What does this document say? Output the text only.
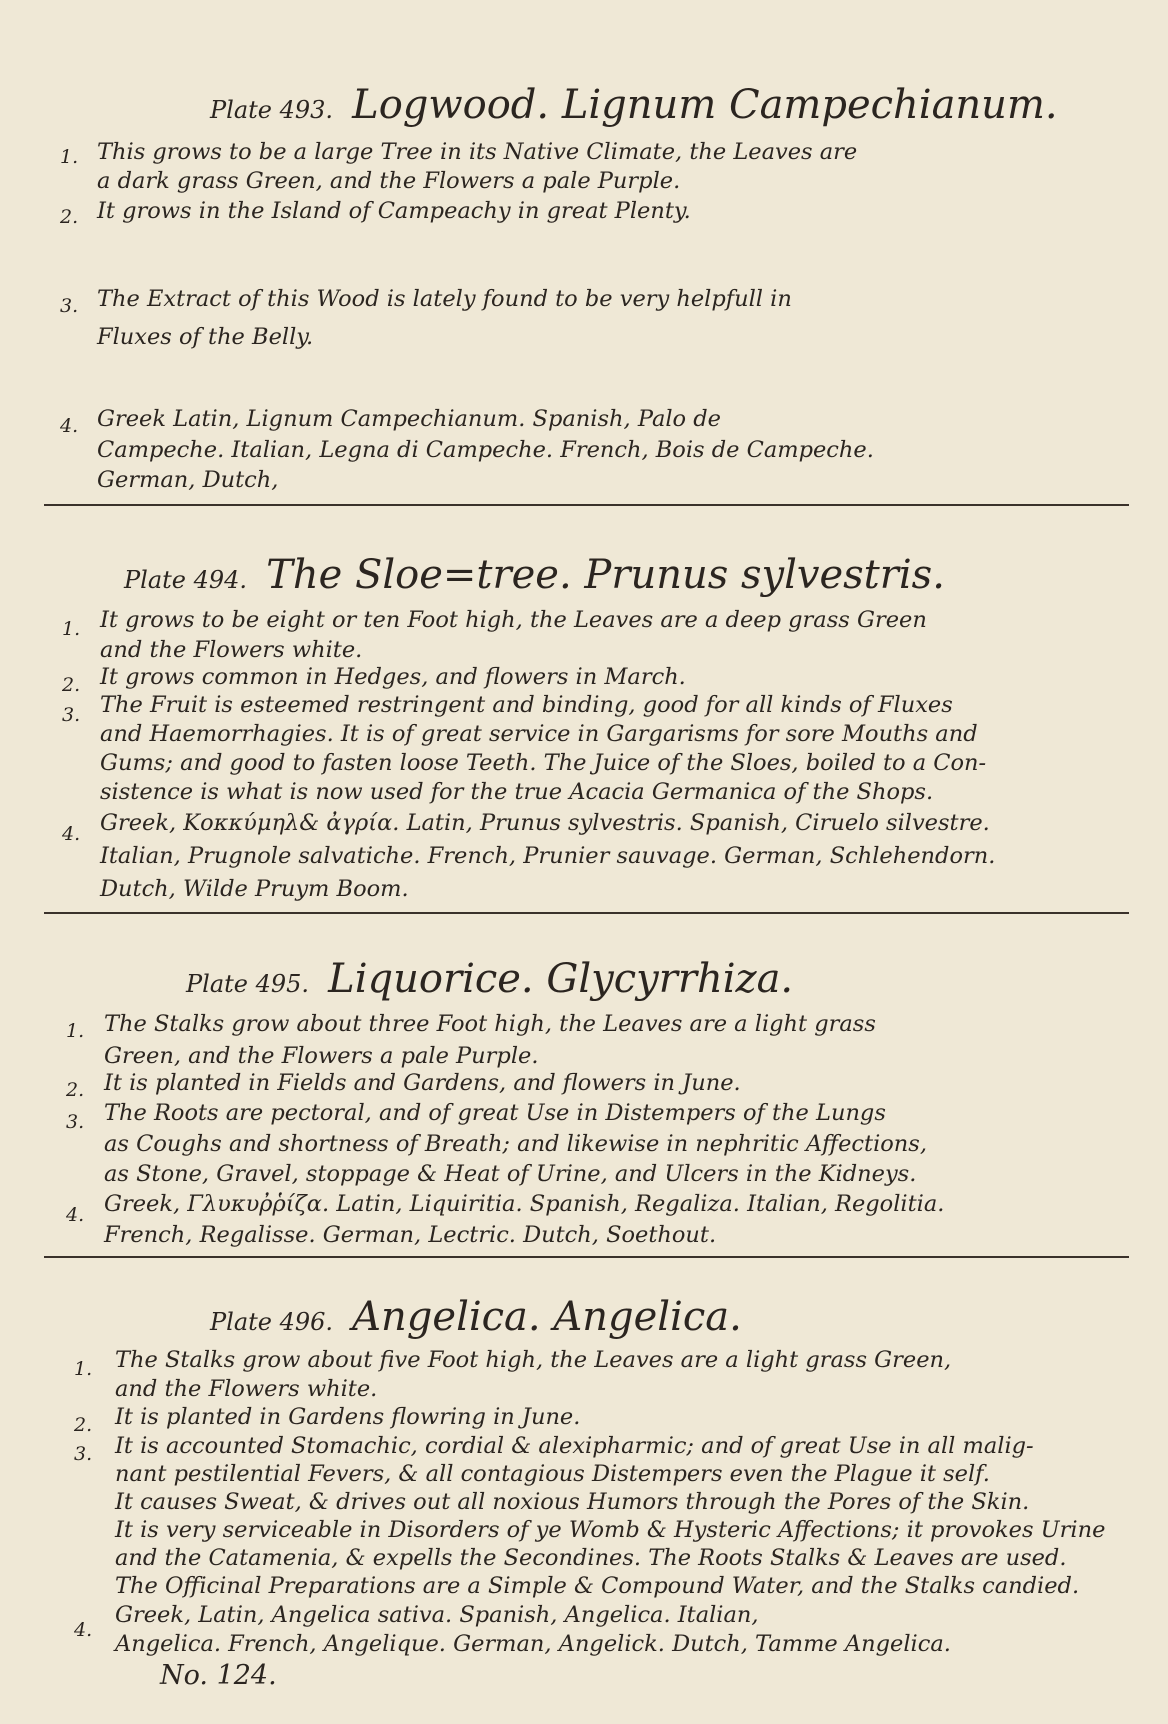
Plate 493. Logwood. Lignum Campechianum.
1. This grows to be a large Tree in its Native Climate, the Leaves are
a dark grass Green, and the Flowers a pale Purple.
2. It grows in the Island of Campeachy in great Plenty.
3. The Extract of this Wood is lately found to be very helpfull in
Fluxes of the Belly.
4. Greek Latin, Lignum Campechianum. Spanish, Palo de
Campeche. Italian, Legna di Campeche. French, Bois de Campeche.
German, Dutch,
Plate 494. The Sloe=tree. Prunus sylvestris.
1. It grows to be eight or ten Foot high, the Leaves are a deep grass Green
and the Flowers white.
2. It grows common in Hedges, and flowers in March.
3. The Fruit is esteemed restringent and binding, good for all kinds of Fluxes
and Haemorrhagies. It is of great service in Gargarisms for sore Mouths and
Gums; and good to fasten loose Teeth. The Juice of the Sloes, boiled to a Con-
sistence is what is now used for the true Acacia Germanica of the Shops.
4. Greek, Κοκκύμηλ& ἀγρία. Latin, Prunus sylvestris. Spanish, Ciruelo silvestre.
Italian, Prugnole salvatiche. French, Prunier sauvage. German, Schlehendorn.
Dutch, Wilde Pruym Boom.
Plate 495. Liquorice. Glycyrrhiza.
1. The Stalks grow about three Foot high, the Leaves are a light grass
Green, and the Flowers a pale Purple.
2. It is planted in Fields and Gardens, and flowers in June.
3. The Roots are pectoral, and of great Use in Distempers of the Lungs
as Coughs and shortness of Breath; and likewise in nephritic Affections,
as Stone, Gravel, stoppage & Heat of Urine, and Ulcers in the Kidneys.
4. Greek, Γλυκυῤῥίζα. Latin, Liquiritia. Spanish, Regaliza. Italian, Regolitia.
French, Regalisse. German, Lectric. Dutch, Soethout.
Plate 496. Angelica. Angelica.
1. The Stalks grow about five Foot high, the Leaves are a light grass Green,
and the Flowers white.
2. It is planted in Gardens flowring in June.
3. It is accounted Stomachic, cordial & alexipharmic; and of great Use in all malig-
nant pestilential Fevers, & all contagious Distempers even the Plague it self.
It causes Sweat, & drives out all noxious Humors through the Pores of the Skin.
It is very serviceable in Disorders of ye Womb & Hysteric Affections; it provokes Urine
and the Catamenia, & expells the Secondines. The Roots Stalks & Leaves are used.
The Officinal Preparations are a Simple & Compound Water, and the Stalks candied.
4.
Greek, Latin, Angelica sativa. Spanish, Angelica. Italian,
Angelica. French, Angelique. German, Angelick. Dutch, Tamme Angelica.
No. 124.
